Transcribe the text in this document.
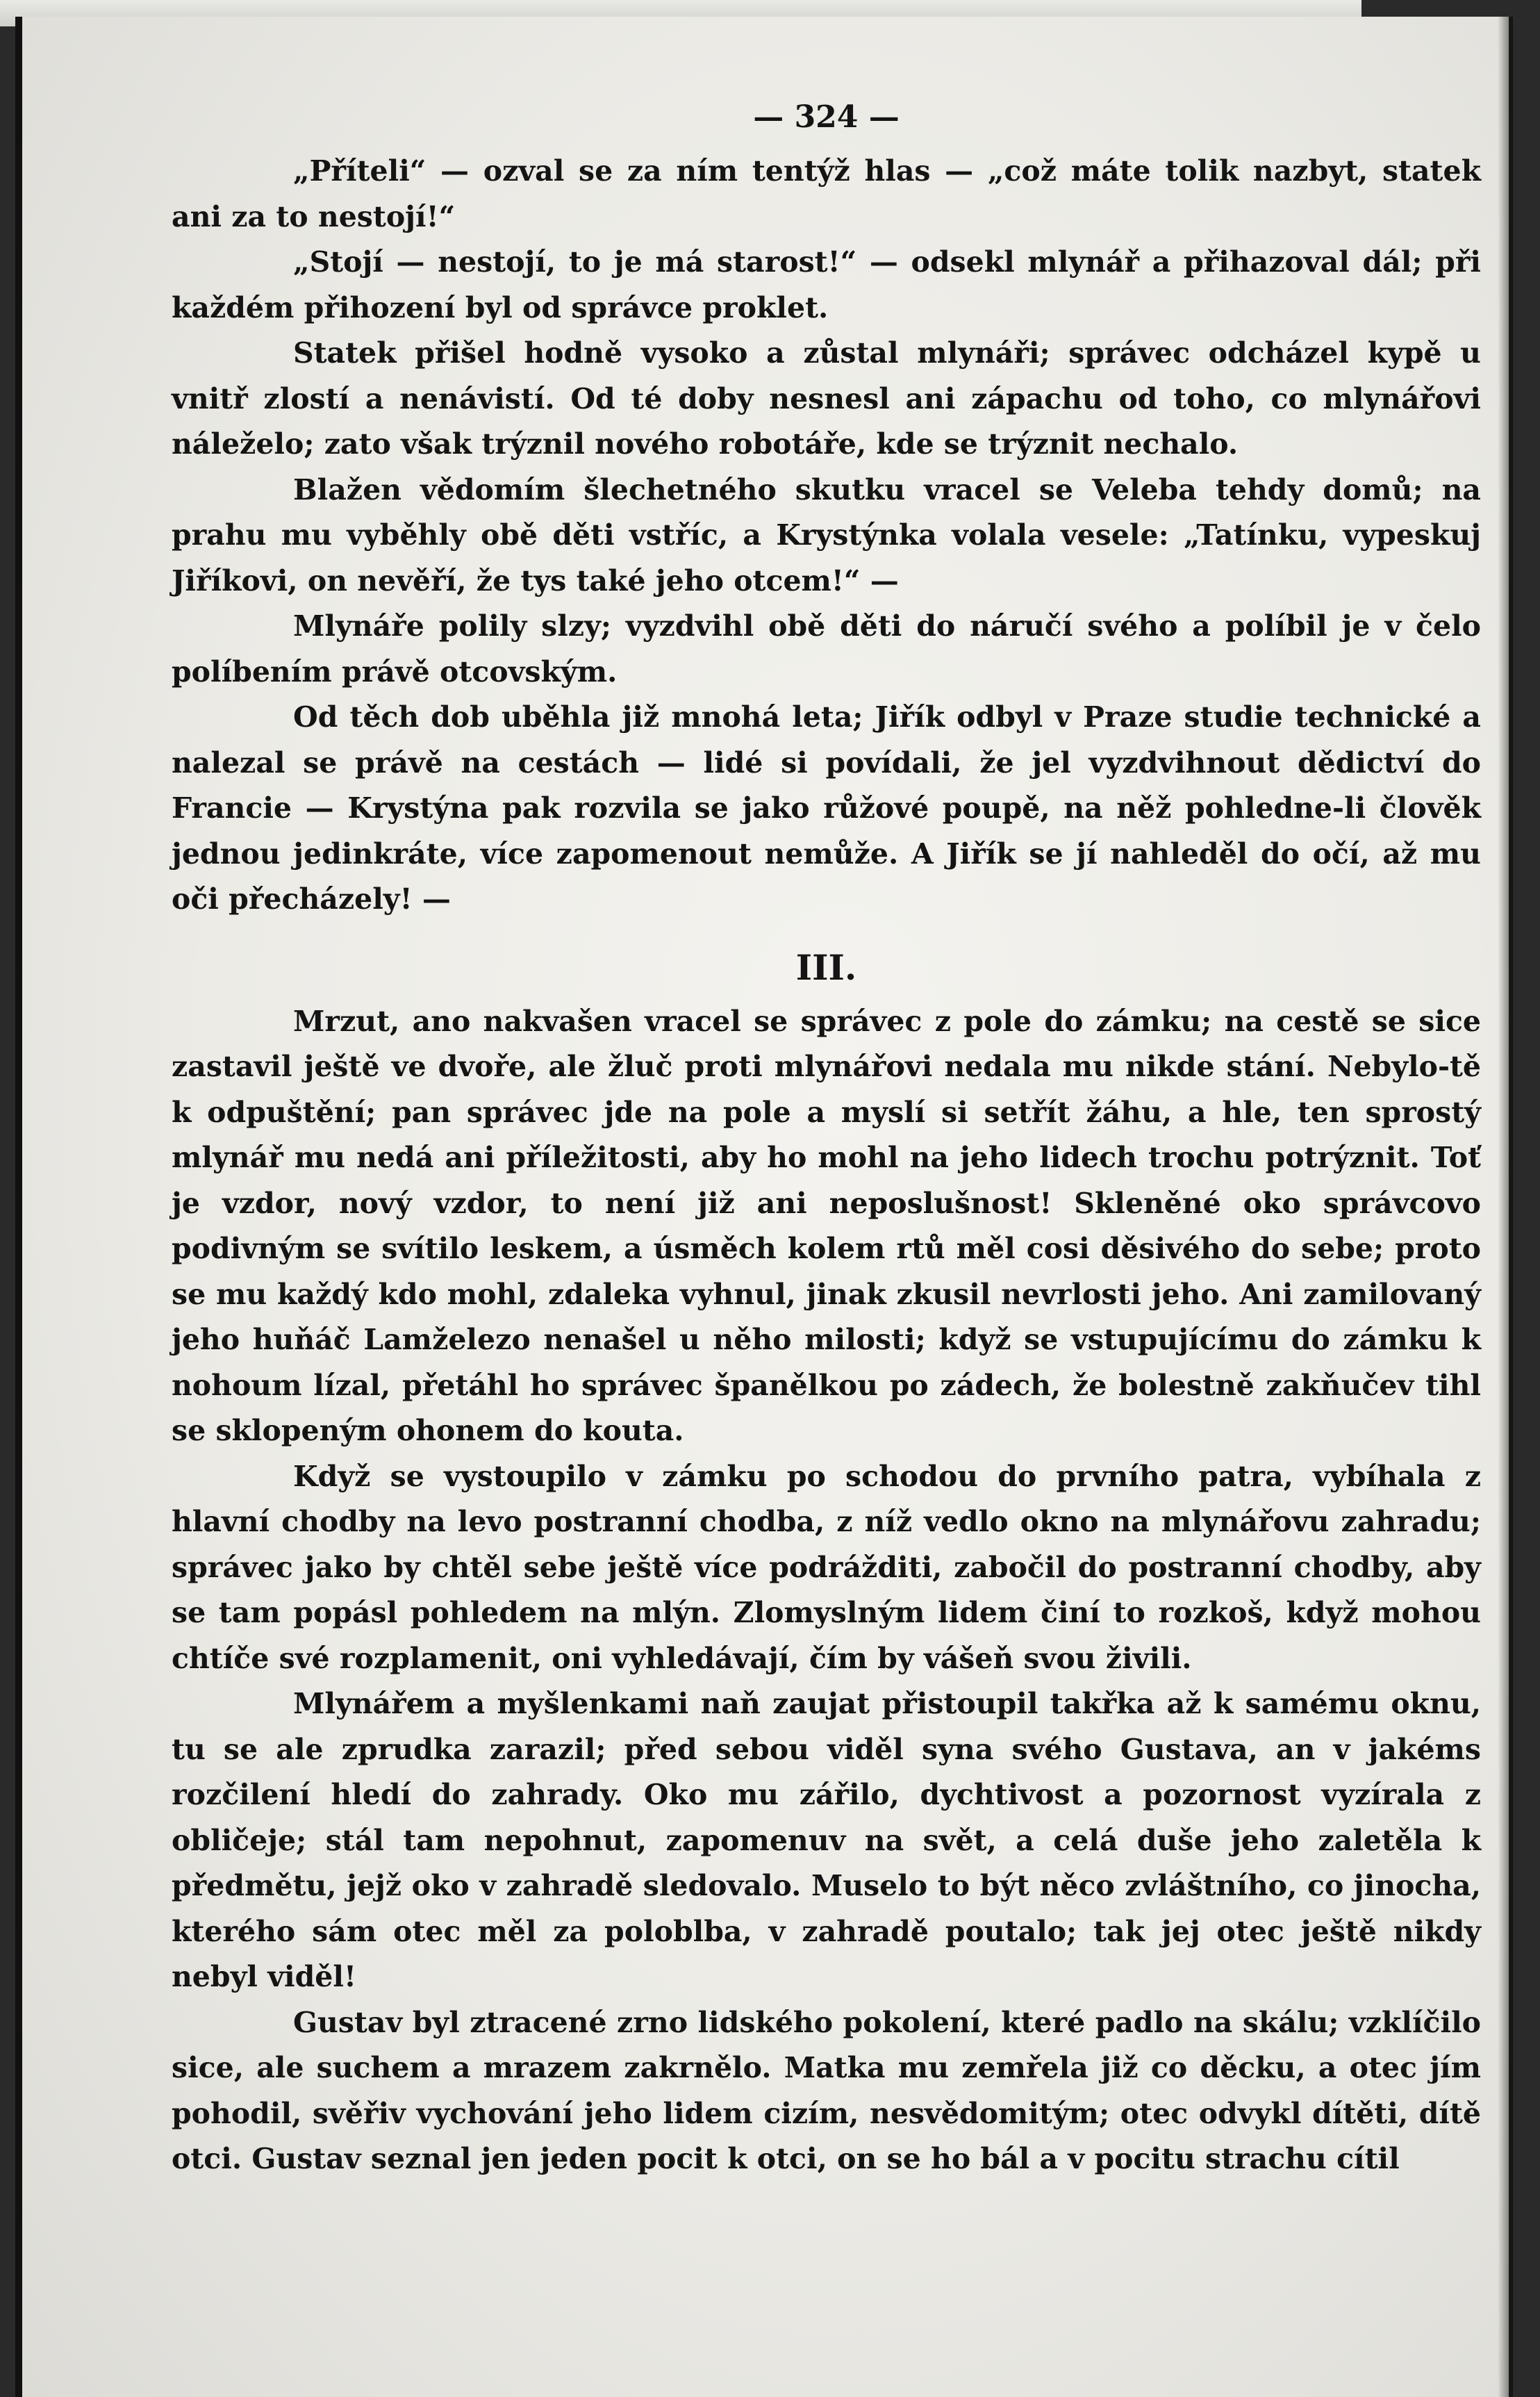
— 324 —

„Příteli“ — ozval se za ním tentýž hlas — „což máte tolik nazbyt, statek ani za to nestojí!“

„Stojí — nestojí, to je má starost!“ — odsekl mlynář a přihazoval dál; při každém přihození byl od správce proklet.

Statek přišel hodně vysoko a zůstal mlynáři; správec odcházel kypě u vnitř zlostí a nenávistí. Od té doby nesnesl ani zápachu od toho, co mlynářovi náleželo; zato však trýznil nového robotáře, kde se trýznit nechalo.

Blažen vědomím šlechetného skutku vracel se Veleba tehdy domů; na prahu mu vyběhly obě děti vstříc, a Krystýnka volala vesele: „Tatínku, vypeskuj Jiříkovi, on nevěří, že tys také jeho otcem!“ —

Mlynáře polily slzy; vyzdvihl obě děti do náručí svého a políbil je v čelo políbením právě otcovským.

Od těch dob uběhla již mnohá leta; Jiřík odbyl v Praze studie technické a nalezal se právě na cestách — lidé si povídali, že jel vyzdvihnout dědictví do Francie — Krystýna pak rozvila se jako růžové poupě, na něž pohledne-li člověk jednou jedinkráte, více zapomenout nemůže. A Jiřík se jí nahleděl do očí, až mu oči přecházely! —

III.

Mrzut, ano nakvašen vracel se správec z pole do zámku; na cestě se sice zastavil ještě ve dvoře, ale žluč proti mlynářovi nedala mu nikde stání. Nebylo-tě k odpuštění; pan správec jde na pole a myslí si setřít žáhu, a hle, ten sprostý mlynář mu nedá ani příležitosti, aby ho mohl na jeho lidech trochu potrýznit. Toť je vzdor, nový vzdor, to není již ani neposlušnost! Skleněné oko správcovo podivným se svítilo leskem, a úsměch kolem rtů měl cosi děsivého do sebe; proto se mu každý kdo mohl, zdaleka vyhnul, jinak zkusil nevrlosti jeho. Ani zamilovaný jeho huňáč Lamželezo nenašel u něho milosti; když se vstupujícímu do zámku k nohoum lízal, přetáhl ho správec španělkou po zádech, že bolestně zakňučev tihl se sklopeným ohonem do kouta.

Když se vystoupilo v zámku po schodou do prvního patra, vybíhala z hlavní chodby na levo postranní chodba, z níž vedlo okno na mlynářovu zahradu; správec jako by chtěl sebe ještě více podrážditi, zabočil do postranní chodby, aby se tam popásl pohledem na mlýn. Zlomyslným lidem činí to rozkoš, když mohou chtíče své rozplamenit, oni vyhledávají, čím by vášeň svou živili.

Mlynářem a myšlenkami naň zaujat přistoupil takřka až k samému oknu, tu se ale zprudka zarazil; před sebou viděl syna svého Gustava, an v jakéms rozčilení hledí do zahrady. Oko mu zářilo, dychtivost a pozornost vyzírala z obličeje; stál tam nepohnut, zapomenuv na svět, a celá duše jeho zaletěla k předmětu, jejž oko v zahradě sledovalo. Muselo to být něco zvláštního, co jinocha, kterého sám otec měl za poloblba, v zahradě poutalo; tak jej otec ještě nikdy nebyl viděl!

Gustav byl ztracené zrno lidského pokolení, které padlo na skálu; vzklíčilo sice, ale suchem a mrazem zakrnělo. Matka mu zemřela již co děcku, a otec jím pohodil, svěřiv vychování jeho lidem cizím, nesvědomitým; otec odvykl dítěti, dítě otci. Gustav seznal jen jeden pocit k otci, on se ho bál a v pocitu strachu cítil
